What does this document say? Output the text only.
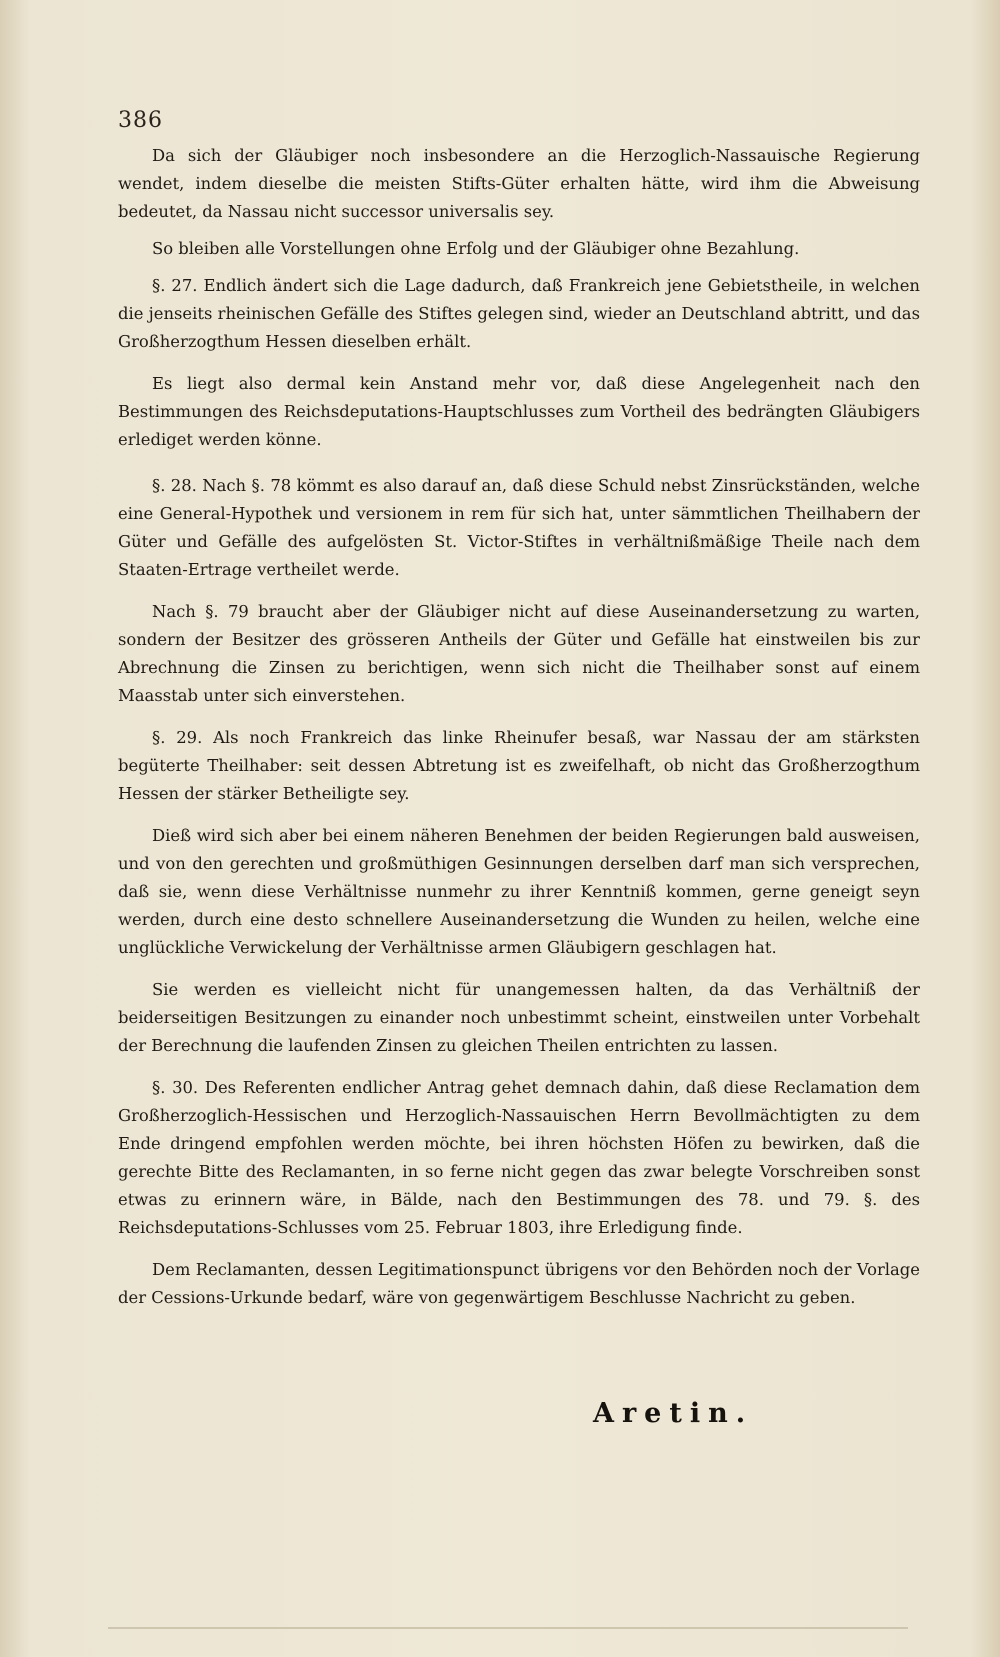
386

Da sich der Gläubiger noch insbesondere an die Herzoglich-Nassauische Regierung wendet, indem dieselbe die meisten Stifts-Güter erhalten hätte, wird ihm die Abweisung bedeutet, da Nassau nicht successor universalis sey.

So bleiben alle Vorstellungen ohne Erfolg und der Gläubiger ohne Bezahlung.

§. 27. Endlich ändert sich die Lage dadurch, daß Frankreich jene Gebietstheile, in welchen die jenseits rheinischen Gefälle des Stiftes gelegen sind, wieder an Deutschland abtritt, und das Großherzogthum Hessen dieselben erhält.

Es liegt also dermal kein Anstand mehr vor, daß diese Angelegenheit nach den Bestimmungen des Reichsdeputations-Hauptschlusses zum Vortheil des bedrängten Gläubigers erlediget werden könne.

§. 28. Nach §. 78 kömmt es also darauf an, daß diese Schuld nebst Zinsrückständen, welche eine General-Hypothek und versionem in rem für sich hat, unter sämmtlichen Theilhabern der Güter und Gefälle des aufgelösten St. Victor-Stiftes in verhältnißmäßige Theile nach dem Staaten-Ertrage vertheilet werde.

Nach §. 79 braucht aber der Gläubiger nicht auf diese Auseinandersetzung zu warten, sondern der Besitzer des grösseren Antheils der Güter und Gefälle hat einstweilen bis zur Abrechnung die Zinsen zu berichtigen, wenn sich nicht die Theilhaber sonst auf einem Maasstab unter sich einverstehen.

§. 29. Als noch Frankreich das linke Rheinufer besaß, war Nassau der am stärksten begüterte Theilhaber: seit dessen Abtretung ist es zweifelhaft, ob nicht das Großherzogthum Hessen der stärker Betheiligte sey.

Dieß wird sich aber bei einem näheren Benehmen der beiden Regierungen bald ausweisen, und von den gerechten und großmüthigen Gesinnungen derselben darf man sich versprechen, daß sie, wenn diese Verhältnisse nunmehr zu ihrer Kenntniß kommen, gerne geneigt seyn werden, durch eine desto schnellere Auseinandersetzung die Wunden zu heilen, welche eine unglückliche Verwickelung der Verhältnisse armen Gläubigern geschlagen hat.

Sie werden es vielleicht nicht für unangemessen halten, da das Verhältniß der beiderseitigen Besitzungen zu einander noch unbestimmt scheint, einstweilen unter Vorbehalt der Berechnung die laufenden Zinsen zu gleichen Theilen entrichten zu lassen.

§. 30. Des Referenten endlicher Antrag gehet demnach dahin, daß diese Reclamation dem Großherzoglich-Hessischen und Herzoglich-Nassauischen Herrn Bevollmächtigten zu dem Ende dringend empfohlen werden möchte, bei ihren höchsten Höfen zu bewirken, daß die gerechte Bitte des Reclamanten, in so ferne nicht gegen das zwar belegte Vorschreiben sonst etwas zu erinnern wäre, in Bälde, nach den Bestimmungen des 78. und 79. §. des Reichsdeputations-Schlusses vom 25. Februar 1803, ihre Erledigung finde.

Dem Reclamanten, dessen Legitimationspunct übrigens vor den Behörden noch der Vorlage der Cessions-Urkunde bedarf, wäre von gegenwärtigem Beschlusse Nachricht zu geben.

Aretin.
